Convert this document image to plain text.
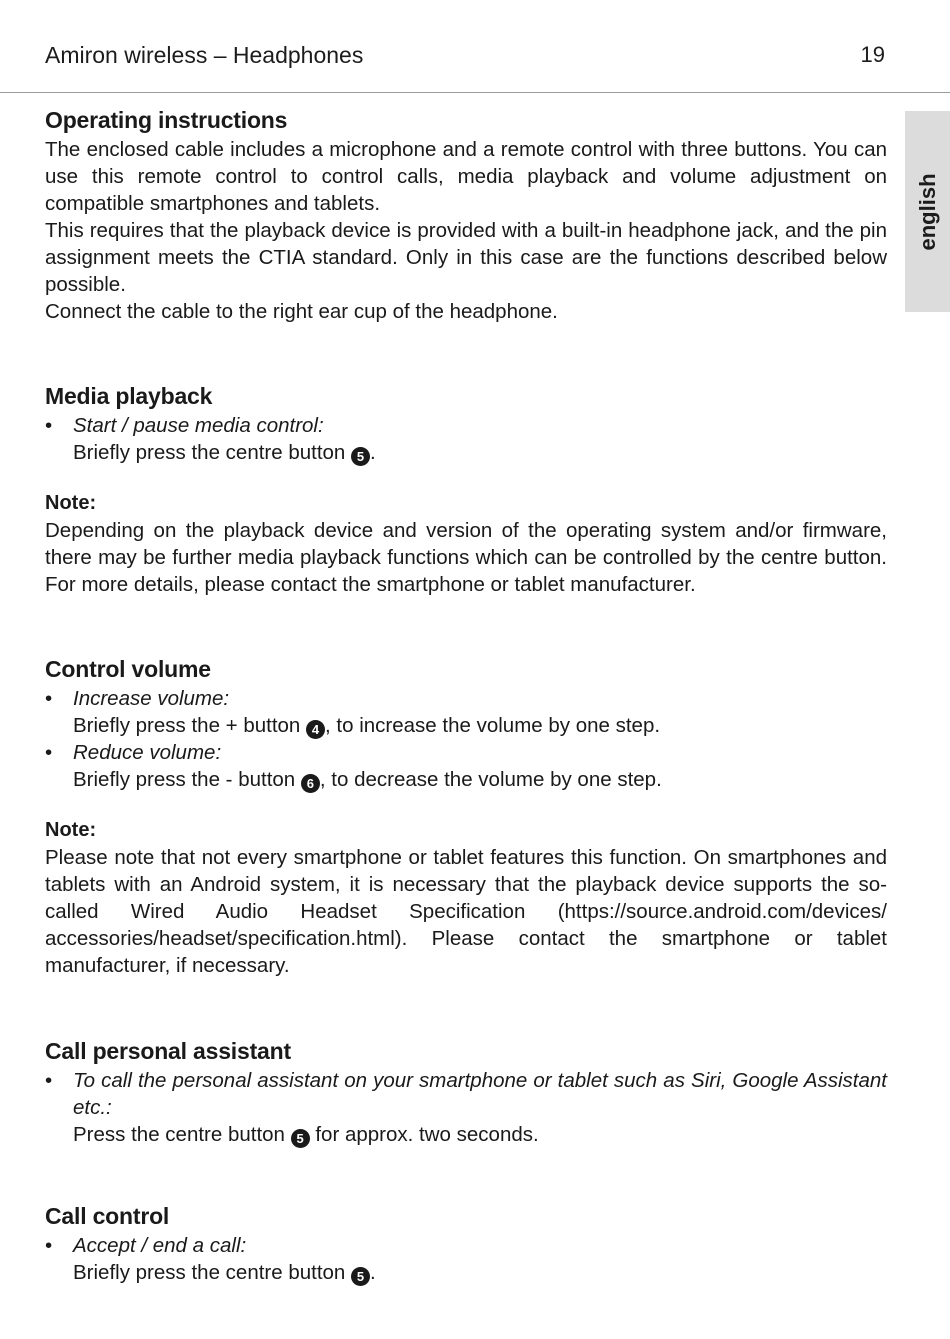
Amiron wireless – Headphones	19
english
Operating instructions

The enclosed cable includes a microphone and a remote control with three buttons. You can use this remote control to control calls, media playback and volume adjustment on compatible smartphones and tablets.

This requires that the playback device is provided with a built-in headphone jack, and the pin assignment meets the CTIA standard. Only in this case are the functions described below possible.

Connect the cable to the right ear cup of the headphone.

Media playback
• Start / pause media control:
Briefly press the centre button 5 .
Note:

Depending on the playback device and version of the operating system and/or firmware, there may be further media playback functions which can be controlled by the centre button. For more details, please contact the smartphone or tablet manufacturer.

Control volume
• Increase volume:
Briefly press the + button 4 , to increase the volume by one step.
• Reduce volume:
Briefly press the - button 6 , to decrease the volume by one step.
Note:

Please note that not every smartphone or tablet features this function. On smartphones and tablets with an Android system, it is necessary that the playback device supports the so-called Wired Audio Headset Specification (https://source.android.com/devices/ accessories/headset/specification.html). Please contact the smartphone or tablet manufacturer, if necessary.

Call personal assistant
• To call the personal assistant on your smartphone or tablet such as Siri, Google Assistant etc.:
Press the centre button 5 for approx. two seconds.
Call control
• Accept / end a call:
Briefly press the centre button 5 .
